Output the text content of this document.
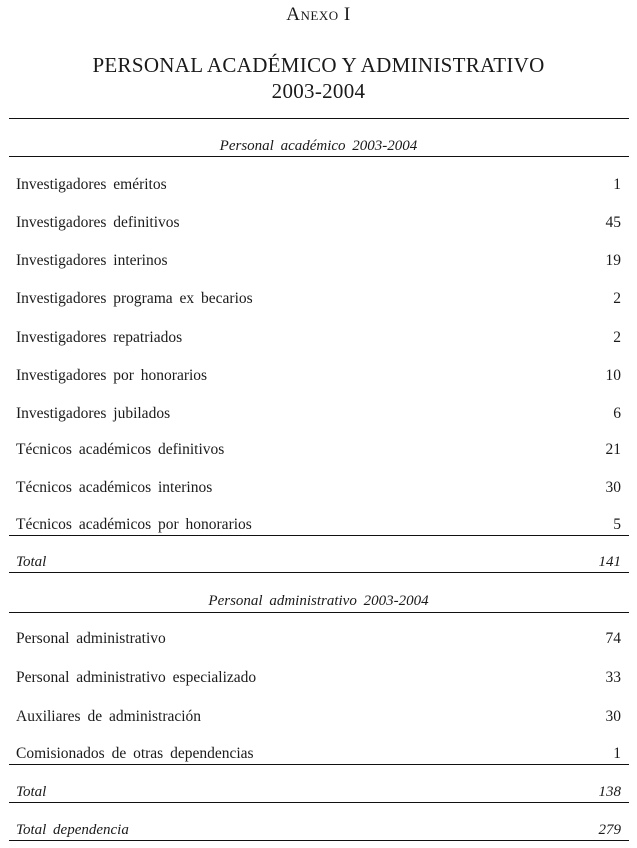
Anexo I
PERSONAL ACADÉMICO Y ADMINISTRATIVO
2003-2004
Personal académico 2003-2004
Investigadores eméritos	1
Investigadores definitivos	45
Investigadores interinos	19
Investigadores programa ex becarios	2
Investigadores repatriados	2
Investigadores por honorarios	10
Investigadores jubilados	6
Técnicos académicos definitivos	21
Técnicos académicos interinos	30
Técnicos académicos por honorarios	5
Total	141
Personal administrativo 2003-2004
Personal administrativo	74
Personal administrativo especializado	33
Auxiliares de administración	30
Comisionados de otras dependencias	1
Total	138
Total dependencia	279
